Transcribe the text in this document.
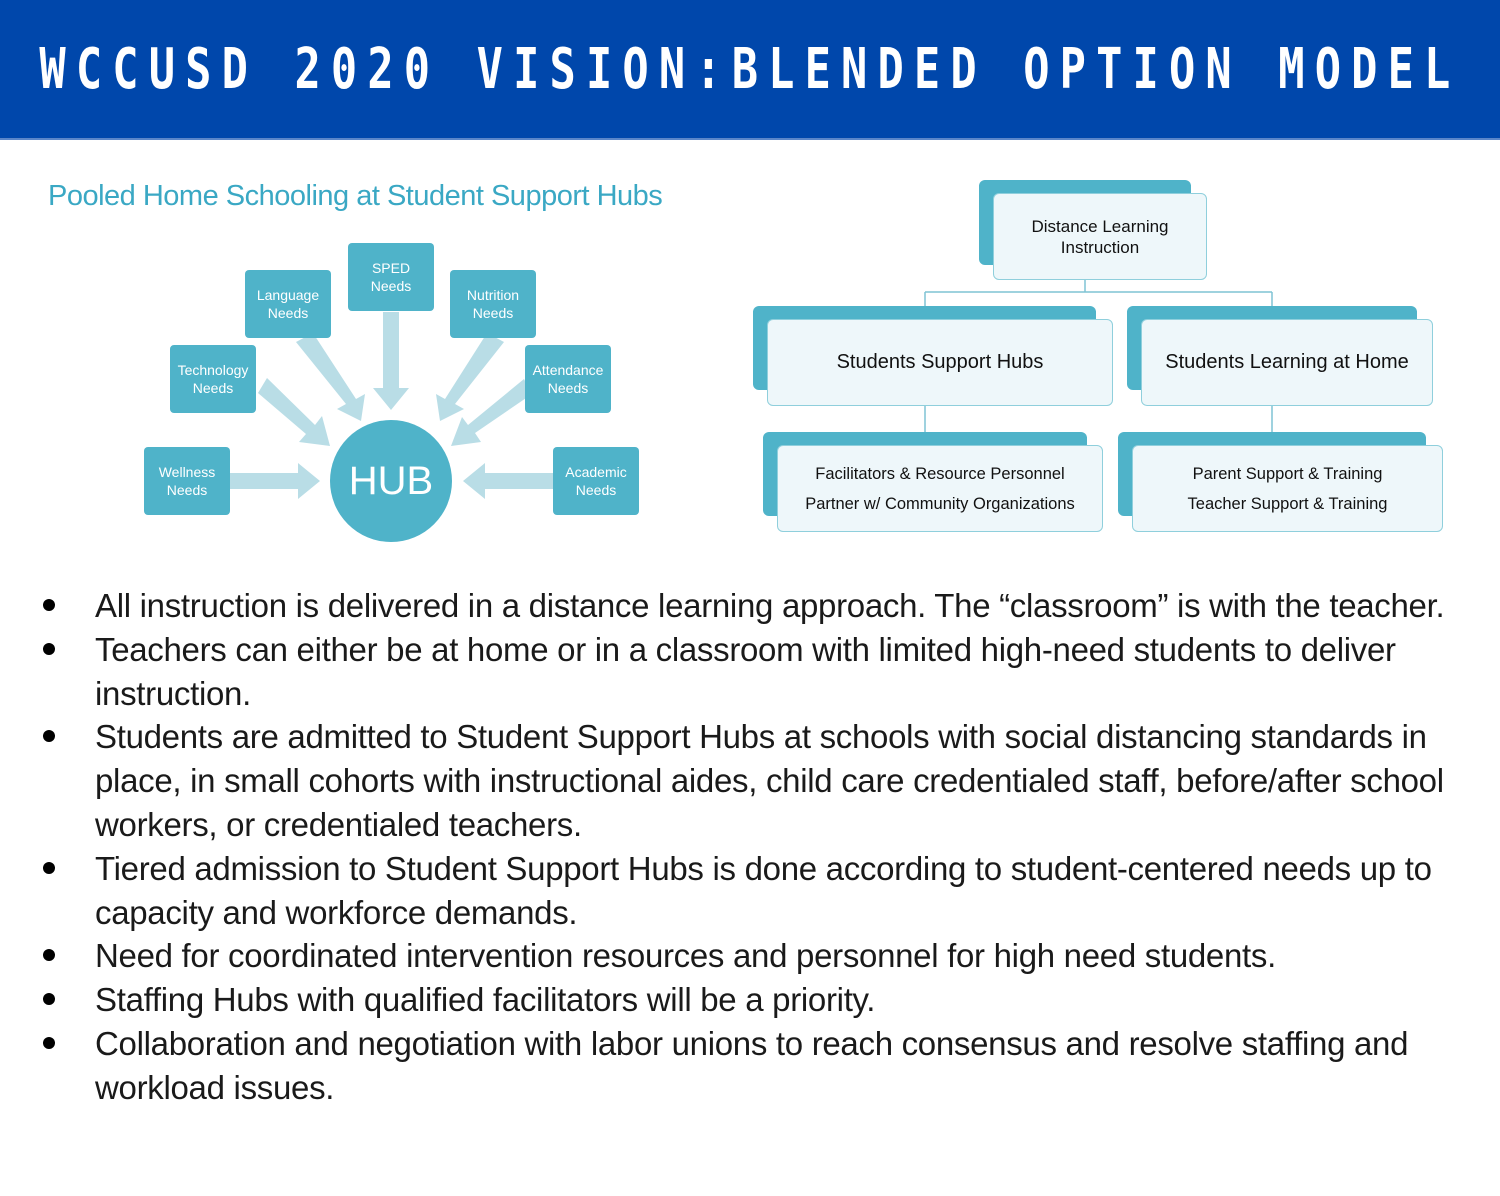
WCCUSD 2020 VISION:BLENDED OPTION MODEL
Pooled Home Schooling at Student Support Hubs
Wellness Needs
Technology Needs
Language Needs
SPED Needs
Nutrition Needs
Attendance Needs
Academic Needs
HUB
Distance Learning Instruction
Students Support Hubs	Students Learning at Home
Facilitators & Resource Personnel
Partner w/ Community Organizations
Parent Support & Training
Teacher Support & Training
All instruction is delivered in a distance learning approach. The “classroom” is with the teacher.
Teachers can either be at home or in a classroom with limited high-need students to deliver instruction.
Students are admitted to Student Support Hubs at schools with social distancing standards in place, in small cohorts with instructional aides, child care credentialed staff, before/after school workers, or credentialed teachers.
Tiered admission to Student Support Hubs is done according to student-centered needs up to capacity and workforce demands.
Need for coordinated intervention resources and personnel for high need students.
Staffing Hubs with qualified facilitators will be a priority.
Collaboration and negotiation with labor unions to reach consensus and resolve staffing and workload issues.
